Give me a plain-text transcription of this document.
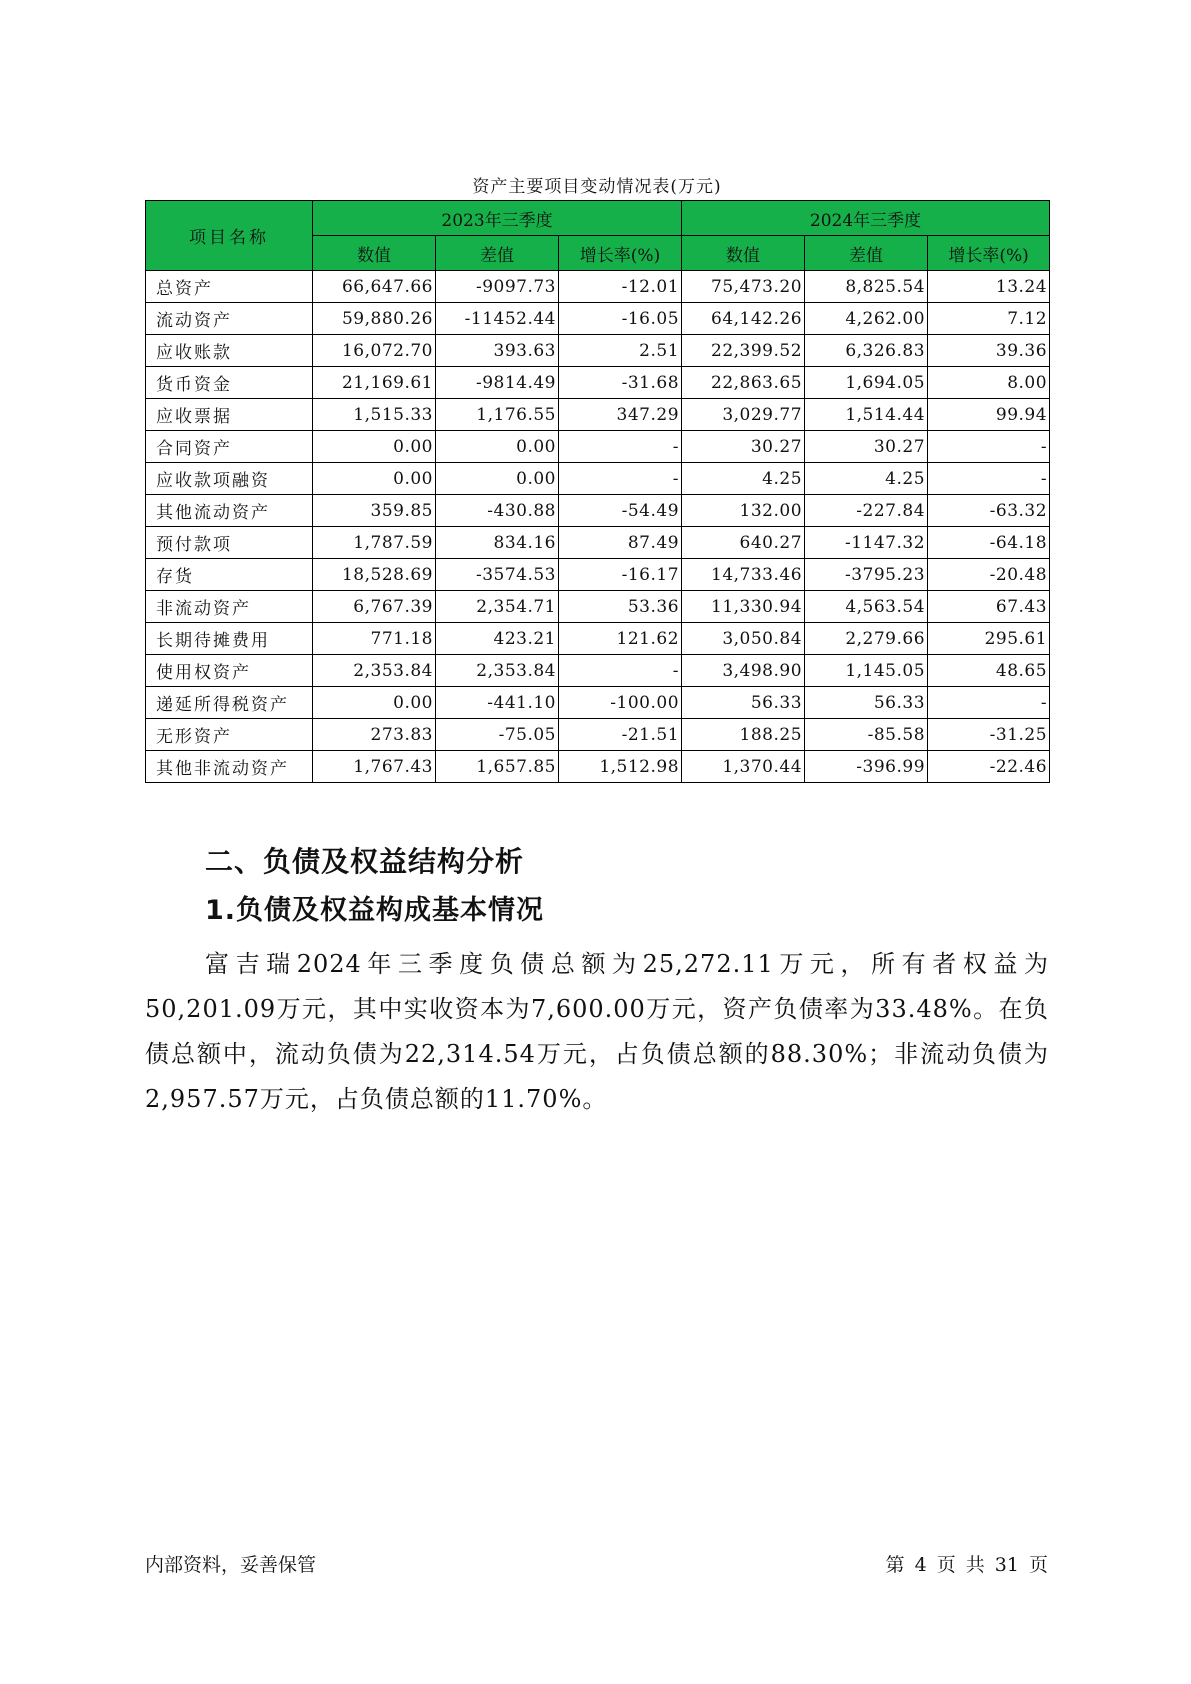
资产主要项目变动情况表(万元)
项目名称	2023年三季度			2024年三季度		
	数值	差值	增长率(%)	数值	差值	增长率(%)
总资产	66,647.66	-9097.73	-12.01	75,473.20	8,825.54	13.24
流动资产	59,880.26	-11452.44	-16.05	64,142.26	4,262.00	7.12
应收账款	16,072.70	393.63	2.51	22,399.52	6,326.83	39.36
货币资金	21,169.61	-9814.49	-31.68	22,863.65	1,694.05	8.00
应收票据	1,515.33	1,176.55	347.29	3,029.77	1,514.44	99.94
合同资产	0.00	0.00	-	30.27	30.27	-
应收款项融资	0.00	0.00	-	4.25	4.25	-
其他流动资产	359.85	-430.88	-54.49	132.00	-227.84	-63.32
预付款项	1,787.59	834.16	87.49	640.27	-1147.32	-64.18
存货	18,528.69	-3574.53	-16.17	14,733.46	-3795.23	-20.48
非流动资产	6,767.39	2,354.71	53.36	11,330.94	4,563.54	67.43
长期待摊费用	771.18	423.21	121.62	3,050.84	2,279.66	295.61
使用权资产	2,353.84	2,353.84	-	3,498.90	1,145.05	48.65
递延所得税资产	0.00	-441.10	-100.00	56.33	56.33	-
无形资产	273.83	-75.05	-21.51	188.25	-85.58	-31.25
其他非流动资产	1,767.43	1,657.85	1,512.98	1,370.44	-396.99	-22.46
二、负债及权益结构分析
1.负债及权益构成基本情况
富吉瑞2024年三季度负债总额为25,272.11万元，所有者权益为50,201.09万元，其中实收资本为7,600.00万元，资产负债率为33.48%。在负债总额中，流动负债为22,314.54万元，占负债总额的88.30%；非流动负债为2,957.57万元，占负债总额的11.70%。
内部资料，妥善保管	第 4 页 共 31 页
